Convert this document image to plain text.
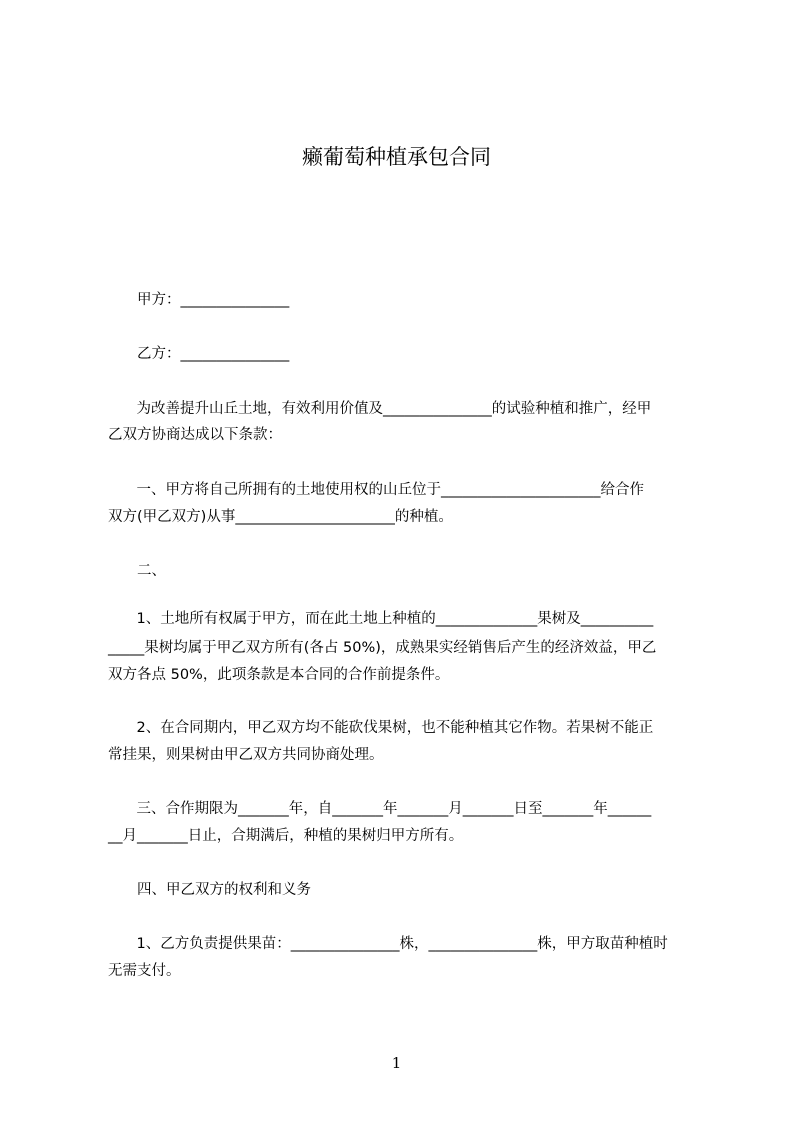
癞葡萄种植承包合同
甲方：_______________
乙方：_______________
　为改善提升山丘土地，有效利用价值及_______________的试验种植和推广，经甲
乙双方协商达成以下条款：
　一、甲方将自己所拥有的土地使用权的山丘位于______________________给合作
双方(甲乙双方)从事______________________的种植。
二、
　1、土地所有权属于甲方，而在此土地上种植的______________果树及__________
_____果树均属于甲乙双方所有(各占 50%)，成熟果实经销售后产生的经济效益，甲乙
双方各点 50%，此项条款是本合同的合作前提条件。
　2、在合同期内，甲乙双方均不能砍伐果树，也不能种植其它作物。若果树不能正
常挂果，则果树由甲乙双方共同协商处理。
　三、合作期限为_______年，自_______年_______月_______日至_______年______
__月_______日止，合期满后，种植的果树归甲方所有。
四、甲乙双方的权利和义务
　1、乙方负责提供果苗：_______________株，_______________株，甲方取苗种植时
无需支付。
1
